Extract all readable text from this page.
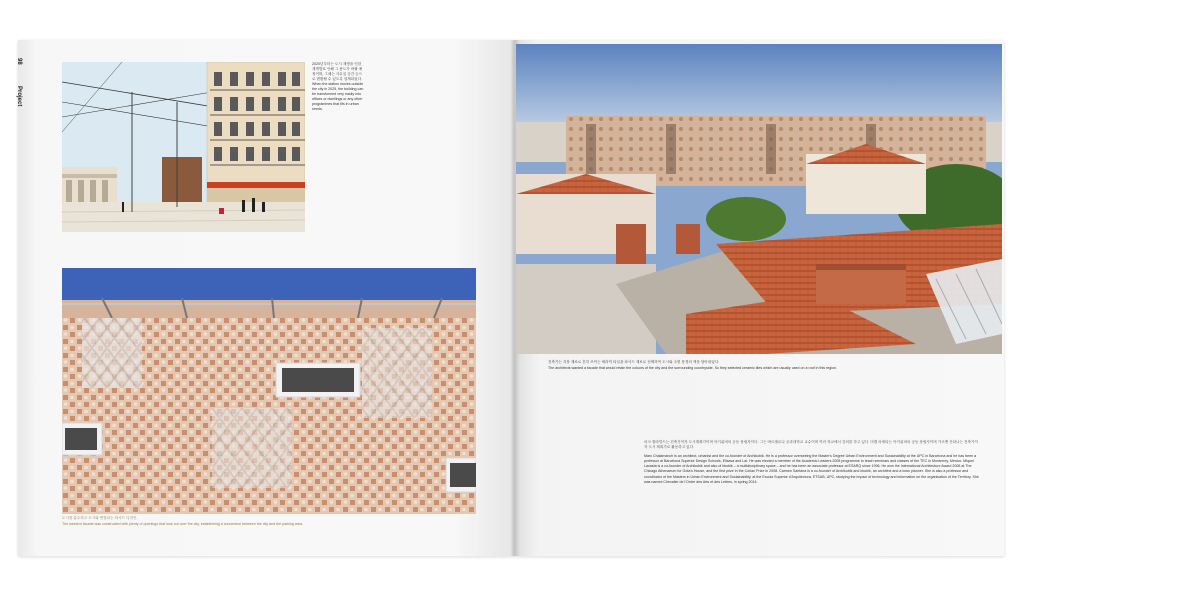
98
Project
2020년부터는 도시 재생을 인한 재개발로 인해 그 용도가 바뀔 예정이며, 그때는 사무실 공간 등으로 변환될 수 있도록 설계되었다.
When the station moves outside the city in 2025, the building can be transformed very easily into offices or dwellings or any other programmes that fits in urban needs.
도시를 흡수하고 도시와 연결되는 파사드 디자인.
The western facade was constructed with plenty of openings that look out over the city, establishing a connection between the city and the parking area.
건축가는 지붕 재료로 흔히 쓰이는 세라믹 타일을 파사드 재료로 선택하여 도시와 주변 풍경의 색을 담아내었다.
The architects wanted a facade that would retain the colours of the city and the surrounding countryside. So they selected ceramic tiles which are usually used on a roof in this region.

마크 찰라망드는 건축가이자 도시계획가이며 아키위버의 공동 창립자이다. 그는 바르셀로나 공과대학교 교수이며 여러 학교에서 강의를 하고 있다. 미켈 라세타는 아키위버의 공동 창립자이며 카르멘 산타나는 건축가이자 도시 계획가로 활동하고 있다.

Marc Chalamanch is an architect, urbanist and the co-founder of Archikubik. He is a professor overseeing the Master's Degree Urban Environment and Sustainability at the UPC in Barcelona and he has been a professor at Barcelona Superior Design Schools, Elisava and Lai. He was elected a member of the Academic Leaders 2008 programme to teach seminars and classes of the TEC in Monterrey, Mexico. Miquel Lacasta is a co-founder of Archikubik and also of irkubik – a multidisciplinary space – and he has been an associate professor at ESARQ since 1996. He won the International Architecture Award 2008 at The Chicago Athenaeum for Gota's House, and the first prize in the Corian Prize in 2008. Carmen Santana is a co-founder of Archikubik and irkubik, an architect and a town planner. She is also a professor and coordinator of the Masters in Urban Environment and Sustainability, at the Escola Superior d'Arquitectura, ETSAB, UPC, studying the impact of technology and information on the organisation of the Territory. She was named Chevalier de l'Ordre des Arts et des Lettres, in spring 2014.
